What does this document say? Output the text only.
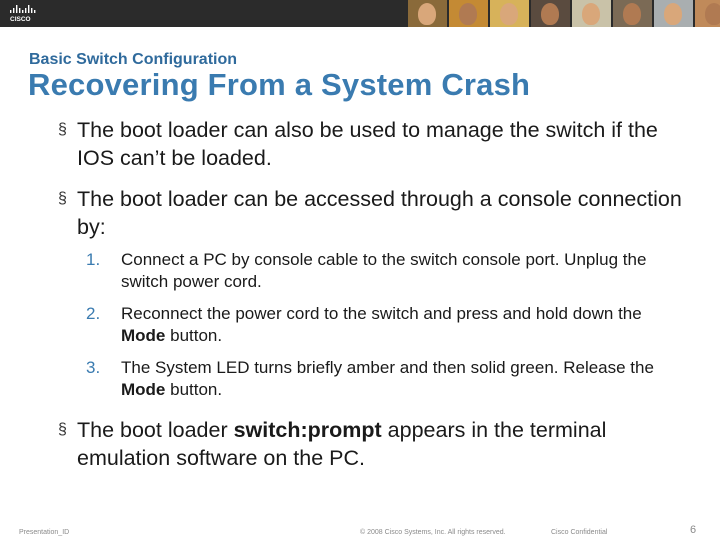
CISCO
Basic Switch Configuration
Recovering From a System Crash
§ The boot loader can also be used to manage the switch if the IOS can’t be loaded.
§ The boot loader can be accessed through a console connection by:
1. Connect a PC by console cable to the switch console port. Unplug the switch power cord.
2. Reconnect the power cord to the switch and press and hold down the Mode button.
3. The System LED turns briefly amber and then solid green. Release the Mode button.
§ The boot loader switch:prompt appears in the terminal emulation software on the PC.
Presentation_ID	© 2008 Cisco Systems, Inc. All rights reserved.	Cisco Confidential	6
